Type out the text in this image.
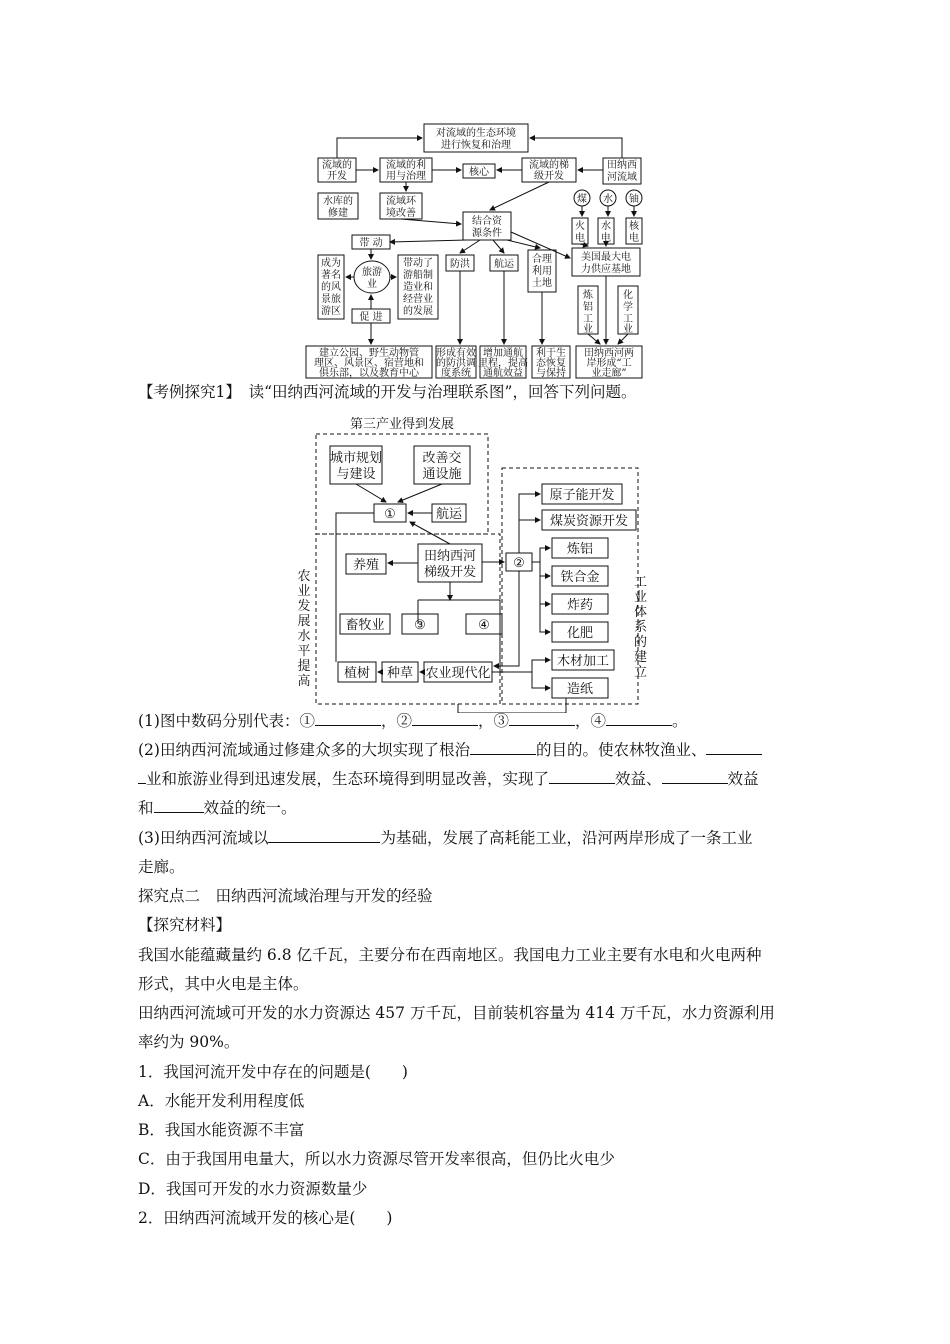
对流域的生态环境
进行恢复和治理
流域的
开发
流域的利
用与治理	核心
流域的梯
级开发
田纳西
河流域
水库的
修建
流域环
境改善
结合资
源条件
煤 水 铀
火
电
水
电
核
电
带 动
成为
著名
的风
景旅
游区
旅游
业
带动了
游船制
造业和
经营业
的发展
防洪 航运 合理
利用
土地
美国最大电
力供应基地
炼
铝
工
业
化
学
工
业
促 进
建立公园、野生动物管
理区、风景区、宿营地和
俱乐部，以及教育中心
形成有效
的防洪调
度系统
增加通航
里程，提高
通航效益
利于生
态恢复
与保持
田纳西河两
岸形成“工
业走廊”
【考例探究1】　读“田纳西河流域的开发与治理联系图”，回答下列问题。
第三产业得到发展
城市规划
与建设
改善交
通设施
①	航运
田纳西河
梯级开发
养殖	②
畜牧业 ③	④
植树 种草 农业现代化
原子能开发
煤炭资源开发
炼铝
铁合金
炸药
化肥
木材加工
造纸
农
业
发
展
水
平
提
高
工
业
体
系
的
建
立
(1)图中数码分别代表：①	，②	，③	，④	。
(2)田纳西河流域通过修建众多的大坝实现了根治	的目的。使农林牧渔业、
业和旅游业得到迅速发展，生态环境得到明显改善，实现了	效益、	效益
和	效益的统一。
(3)田纳西河流域以	为基础，发展了高耗能工业，沿河两岸形成了一条工业
走廊。
探究点二　田纳西河流域治理与开发的经验
【探究材料】
我国水能蕴藏量约 6.8 亿千瓦，主要分布在西南地区。我国电力工业主要有水电和火电两种
形式，其中火电是主体。
田纳西河流域可开发的水力资源达 457 万千瓦，目前装机容量为 414 万千瓦，水力资源利用
率约为 90%。
1．我国河流开发中存在的问题是(　　)
A．水能开发利用程度低
B．我国水能资源不丰富
C．由于我国用电量大，所以水力资源尽管开发率很高，但仍比火电少
D．我国可开发的水力资源数量少
2．田纳西河流域开发的核心是(　　)
